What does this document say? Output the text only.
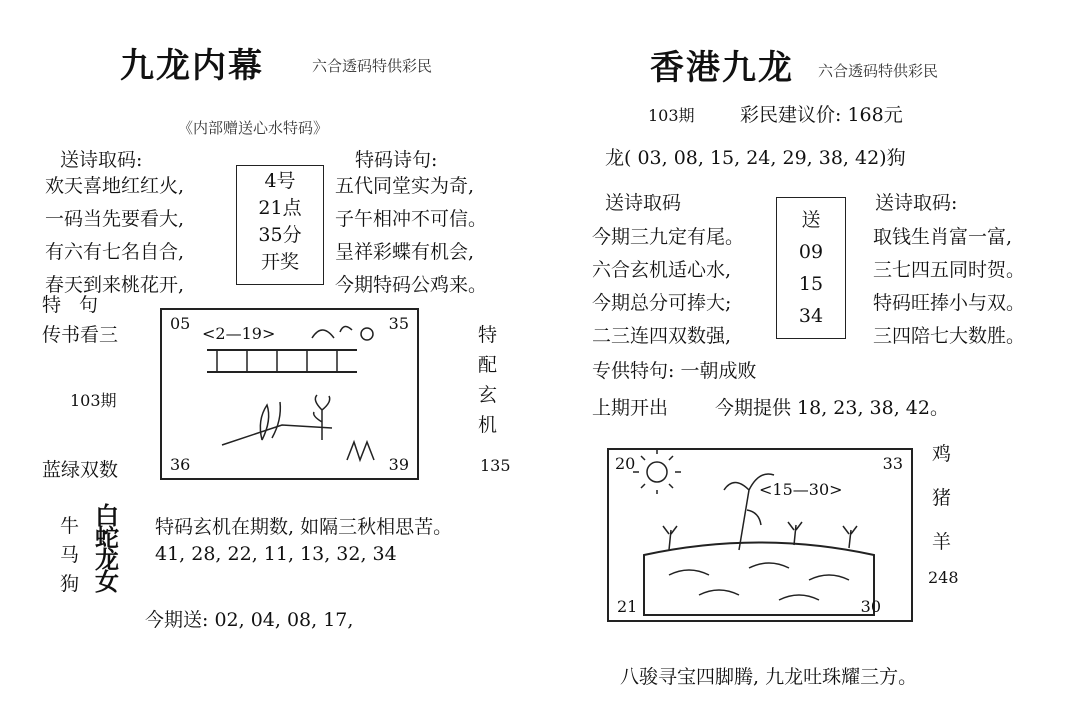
九龙内幕	六合透码特供彩民
《内部赠送心水特码》
送诗取码:
欢天喜地红红火,
一码当先要看大,
有六有七名自合,
春天到来桃花开,
4号
21点
35分
开奖
特码诗句:
五代同堂实为奇,
子午相冲不可信。
呈祥彩蝶有机会,
今期特码公鸡来。
特 句
传书看三
103期
蓝绿双数
05	35
36	39
<2—19>	特
配
玄
机
135
牛
马
狗
白
蛇
龙
女
特码玄机在期数, 如隔三秋相思苦。
41, 28, 22, 11, 13, 32, 34
今期送: 02, 04, 08, 17,
香港九龙 六合透码特供彩民
103期 彩民建议价: 168元
龙( 03, 08, 15, 24, 29, 38, 42)狗
送诗取码
今期三九定有尾。
六合玄机适心水,
今期总分可捧大;
二三连四双数强,
送
09
15
34
送诗取码:
取钱生肖富一富,
三七四五同时贺。
特码旺捧小与双。
三四陪七大数胜。
专供特句: 一朝成败
上期开出 今期提供 18, 23, 38, 42。
20	33
21	30
<15—30>
鸡
猪
羊
248
八骏寻宝四脚腾, 九龙吐珠耀三方。
